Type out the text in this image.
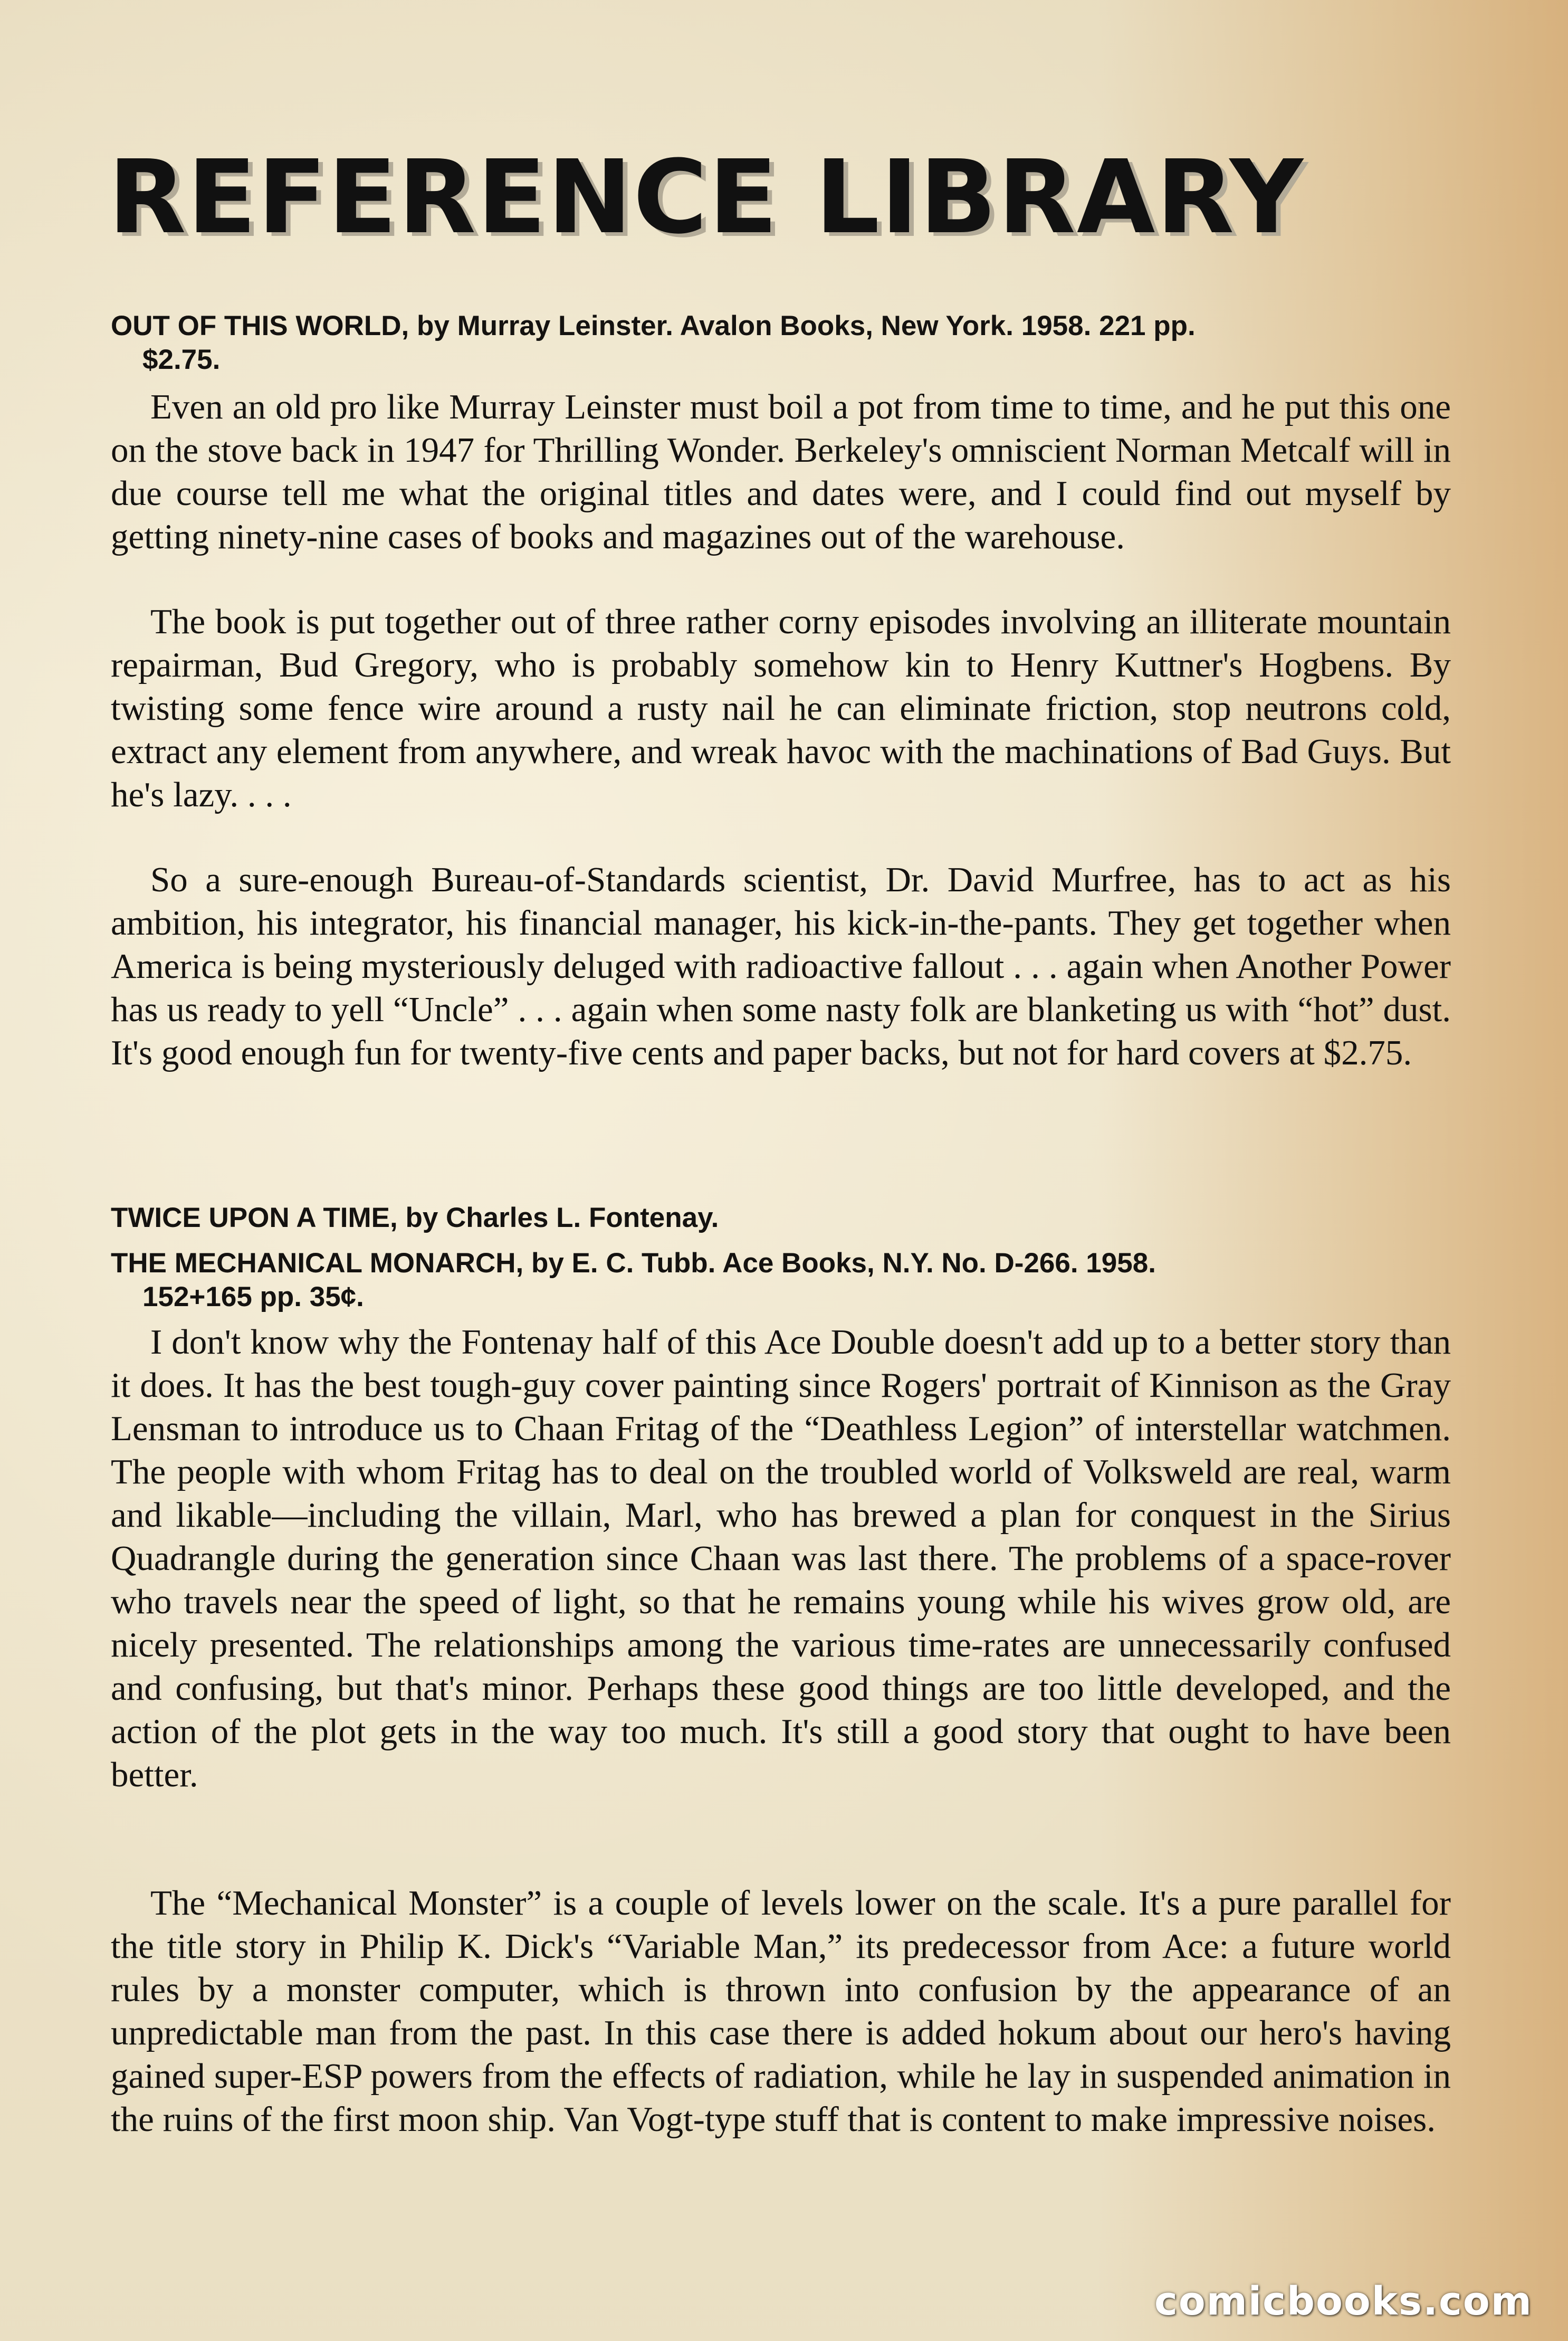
REFERENCE LIBRARY

OUT OF THIS WORLD, by Murray Leinster. Avalon Books, New York. 1958. 221 pp.
$2.75.

Even an old pro like Murray Leinster must boil a pot from time to time, and he put this one on the stove back in 1947 for Thrilling Wonder. Berkeley's omniscient Norman Metcalf will in due course tell me what the original titles and dates were, and I could find out myself by getting ninety-nine cases of books and magazines out of the warehouse.

The book is put together out of three rather corny episodes involving an illiterate mountain repairman, Bud Gregory, who is probably somehow kin to Henry Kuttner's Hogbens. By twisting some fence wire around a rusty nail he can eliminate friction, stop neutrons cold, extract any element from anywhere, and wreak havoc with the machinations of Bad Guys. But he's lazy. . . .

So a sure-enough Bureau-of-Standards scientist, Dr. David Murfree, has to act as his ambition, his integrator, his financial manager, his kick-in-the-pants. They get together when America is being mysteriously deluged with radioactive fallout . . . again when Another Power has us ready to yell “Uncle” . . . again when some nasty folk are blanketing us with “hot” dust. It's good enough fun for twenty-five cents and paper backs, but not for hard covers at $2.75.

TWICE UPON A TIME, by Charles L. Fontenay.

THE MECHANICAL MONARCH, by E. C. Tubb. Ace Books, N.Y. No. D-266. 1958.
152+165 pp. 35¢.

I don't know why the Fontenay half of this Ace Double doesn't add up to a better story than it does. It has the best tough-guy cover painting since Rogers' portrait of Kinnison as the Gray Lensman to introduce us to Chaan Fritag of the “Deathless Legion” of interstellar watchmen. The people with whom Fritag has to deal on the troubled world of Volksweld are real, warm and likable—including the villain, Marl, who has brewed a plan for conquest in the Sirius Quadrangle during the generation since Chaan was last there. The problems of a space-rover who travels near the speed of light, so that he remains young while his wives grow old, are nicely presented. The relationships among the various time-rates are unnecessarily confused and confusing, but that's minor. Perhaps these good things are too little developed, and the action of the plot gets in the way too much. It's still a good story that ought to have been better.

The “Mechanical Monster” is a couple of levels lower on the scale. It's a pure parallel for the title story in Philip K. Dick's “Variable Man,” its predecessor from Ace: a future world rules by a monster computer, which is thrown into confusion by the appearance of an unpredictable man from the past. In this case there is added hokum about our hero's having gained super-ESP powers from the effects of radiation, while he lay in suspended animation in the ruins of the first moon ship. Van Vogt-type stuff that is content to make impressive noises.

comicbooks.com
